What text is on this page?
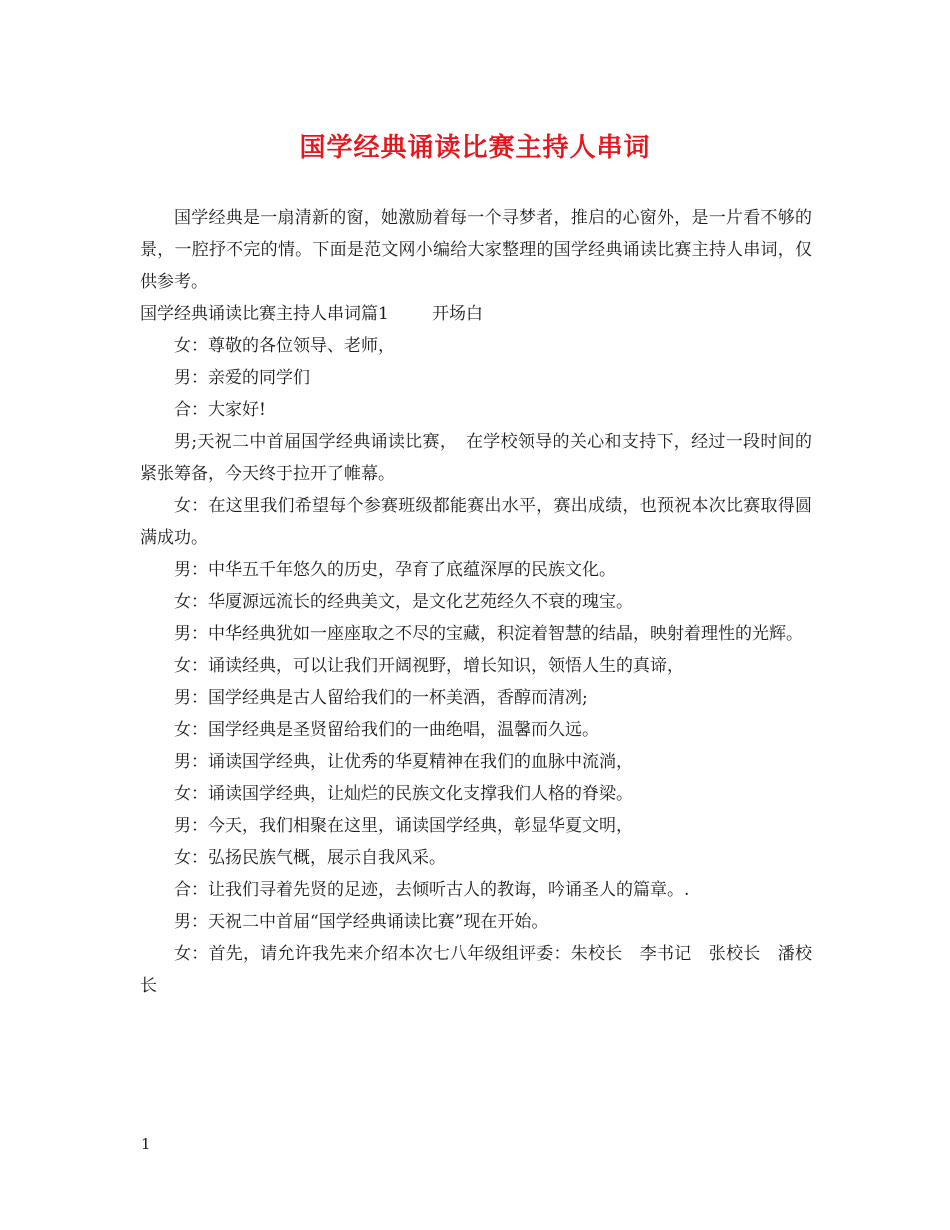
国学经典诵读比赛主持人串词

国学经典是一扇清新的窗，她激励着每一个寻梦者，推启的心窗外，是一片看不够的景，一腔抒不完的情。下面是范文网小编给大家整理的国学经典诵读比赛主持人串词，仅供参考。

国学经典诵读比赛主持人串词篇1	开场白

女：尊敬的各位领导、老师，

男：亲爱的同学们

合：大家好!

男;天祝二中首届国学经典诵读比赛，　在学校领导的关心和支持下，经过一段时间的紧张筹备，今天终于拉开了帷幕。

女：在这里我们希望每个参赛班级都能赛出水平，赛出成绩，也预祝本次比赛取得圆满成功。

男：中华五千年悠久的历史，孕育了底蕴深厚的民族文化。

女：华厦源远流长的经典美文，是文化艺苑经久不衰的瑰宝。

男：中华经典犹如一座座取之不尽的宝藏，积淀着智慧的结晶，映射着理性的光辉。

女：诵读经典，可以让我们开阔视野，增长知识，领悟人生的真谛，

男：国学经典是古人留给我们的一杯美酒，香醇而清冽;

女：国学经典是圣贤留给我们的一曲绝唱，温馨而久远。

男：诵读国学经典，让优秀的华夏精神在我们的血脉中流淌，

女：诵读国学经典，让灿烂的民族文化支撑我们人格的脊梁。

男：今天，我们相聚在这里，诵读国学经典，彰显华夏文明，

女：弘扬民族气概，展示自我风采。

合：让我们寻着先贤的足迹，去倾听古人的教诲，吟诵圣人的篇章。.

男：天祝二中首届“国学经典诵读比赛”现在开始。

女：首先，请允许我先来介绍本次七八年级组评委：朱校长　李书记　张校长　潘校长

1
